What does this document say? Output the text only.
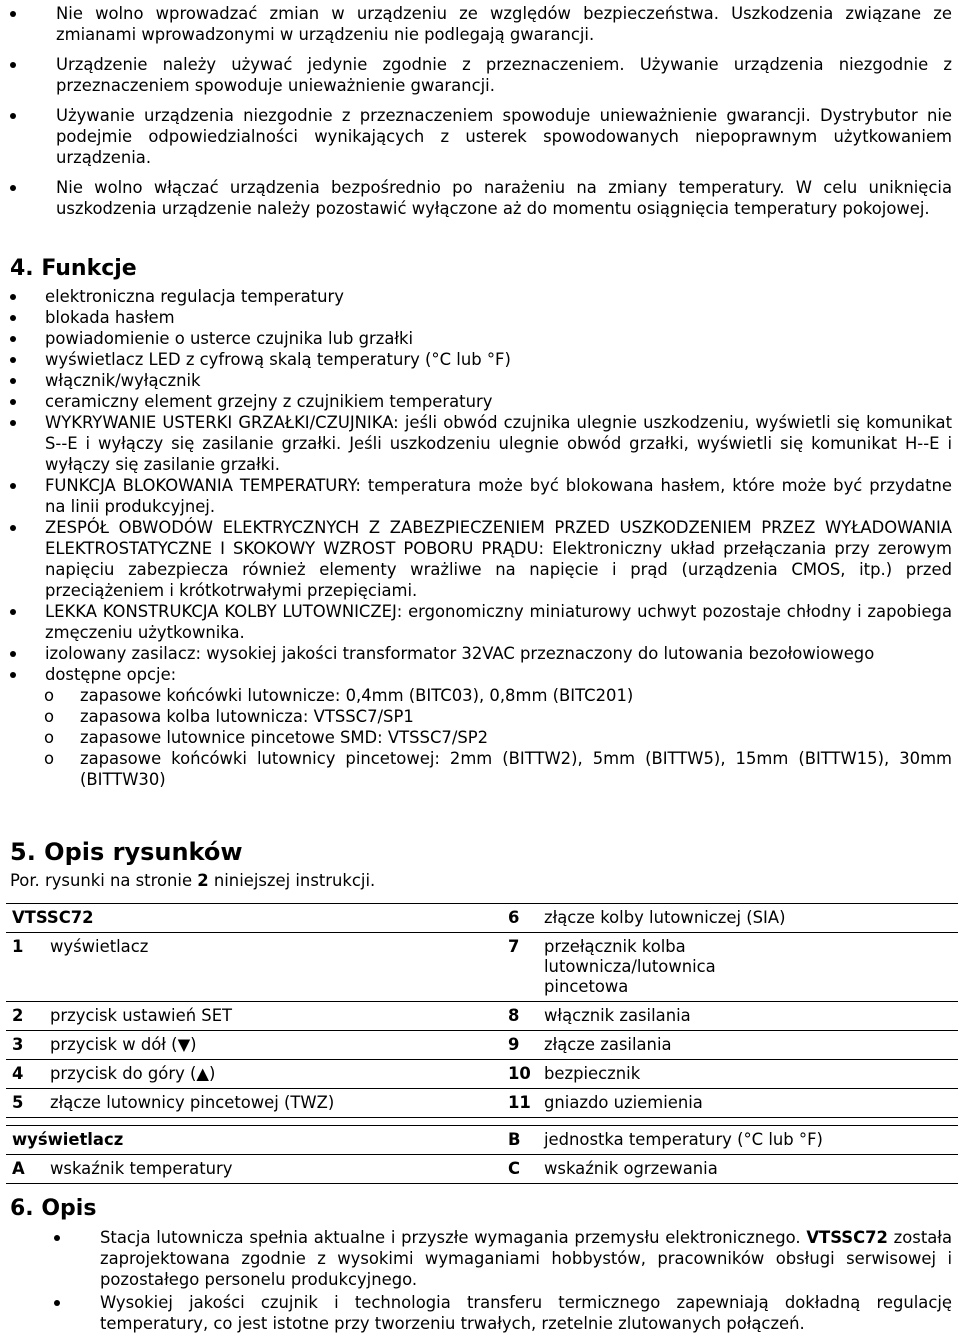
Nie wolno wprowadzać zmian w urządzeniu ze względów bezpieczeństwa. Uszkodzenia związane ze zmianami wprowadzonymi w urządzeniu nie podlegają gwarancji.
Urządzenie należy używać jedynie zgodnie z przeznaczeniem. Używanie urządzenia niezgodnie z przeznaczeniem spowoduje unieważnienie gwarancji.
Używanie urządzenia niezgodnie z przeznaczeniem spowoduje unieważnienie gwarancji. Dystrybutor nie podejmie odpowiedzialności wynikających z usterek spowodowanych niepoprawnym użytkowaniem urządzenia.
Nie wolno włączać urządzenia bezpośrednio po narażeniu na zmiany temperatury. W celu uniknięcia uszkodzenia urządzenie należy pozostawić wyłączone aż do momentu osiągnięcia temperatury pokojowej.
4. Funkcje
elektroniczna regulacja temperatury
blokada hasłem
powiadomienie o usterce czujnika lub grzałki
wyświetlacz LED z cyfrową skalą temperatury (°C lub °F)
włącznik/wyłącznik
ceramiczny element grzejny z czujnikiem temperatury
WYKRYWANIE USTERKI GRZAŁKI/CZUJNIKA: jeśli obwód czujnika ulegnie uszkodzeniu, wyświetli się komunikat S--E i wyłączy się zasilanie grzałki. Jeśli uszkodzeniu ulegnie obwód grzałki, wyświetli się komunikat H--E i wyłączy się zasilanie grzałki.
FUNKCJA BLOKOWANIA TEMPERATURY: temperatura może być blokowana hasłem, które może być przydatne na linii produkcyjnej.
ZESPÓŁ OBWODÓW ELEKTRYCZNYCH Z ZABEZPIECZENIEM PRZED USZKODZENIEM PRZEZ WYŁADOWANIA ELEKTROSTATYCZNE I SKOKOWY WZROST POBORU PRĄDU: Elektroniczny układ przełączania przy zerowym napięciu zabezpiecza również elementy wrażliwe na napięcie i prąd (urządzenia CMOS, itp.) przed przeciążeniem i krótkotrwałymi przepięciami.
LEKKA KONSTRUKCJA KOLBY LUTOWNICZEJ: ergonomiczny miniaturowy uchwyt pozostaje chłodny i zapobiega zmęczeniu użytkownika.
izolowany zasilacz: wysokiej jakości transformator 32VAC przeznaczony do lutowania bezołowiowego
dostępne opcje:
o zapasowe końcówki lutownicze: 0,4mm (BITC03), 0,8mm (BITC201)
o zapasowa kolba lutownicza: VTSSC7/SP1
o zapasowe lutownice pincetowe SMD: VTSSC7/SP2
o zapasowe końcówki lutownicy pincetowej: 2mm (BITTW2), 5mm (BITTW5), 15mm (BITTW15), 30mm (BITTW30)
5. Opis rysunków
Por. rysunki na stronie 2 niniejszej instrukcji.
VTSSC72		6	złącze kolby lutowniczej (SIA)
1	wyświetlacz	7	przełącznik kolba lutownicza/lutownica pincetowa
2	przycisk ustawień SET	8	włącznik zasilania
3	przycisk w dół (▼)	9	złącze zasilania
4	przycisk do góry (▲)	10	bezpiecznik
5	złącze lutownicy pincetowej (TWZ)	11	gniazdo uziemienia
wyświetlacz		B	jednostka temperatury (°C lub °F)
A	wskaźnik temperatury	C	wskaźnik ogrzewania
6. Opis
Stacja lutownicza spełnia aktualne i przyszłe wymagania przemysłu elektronicznego. VTSSC72 została zaprojektowana zgodnie z wysokimi wymaganiami hobbystów, pracowników obsługi serwisowej i pozostałego personelu produkcyjnego.
Wysokiej jakości czujnik i technologia transferu termicznego zapewniają dokładną regulację temperatury, co jest istotne przy tworzeniu trwałych, rzetelnie zlutowanych połączeń.
